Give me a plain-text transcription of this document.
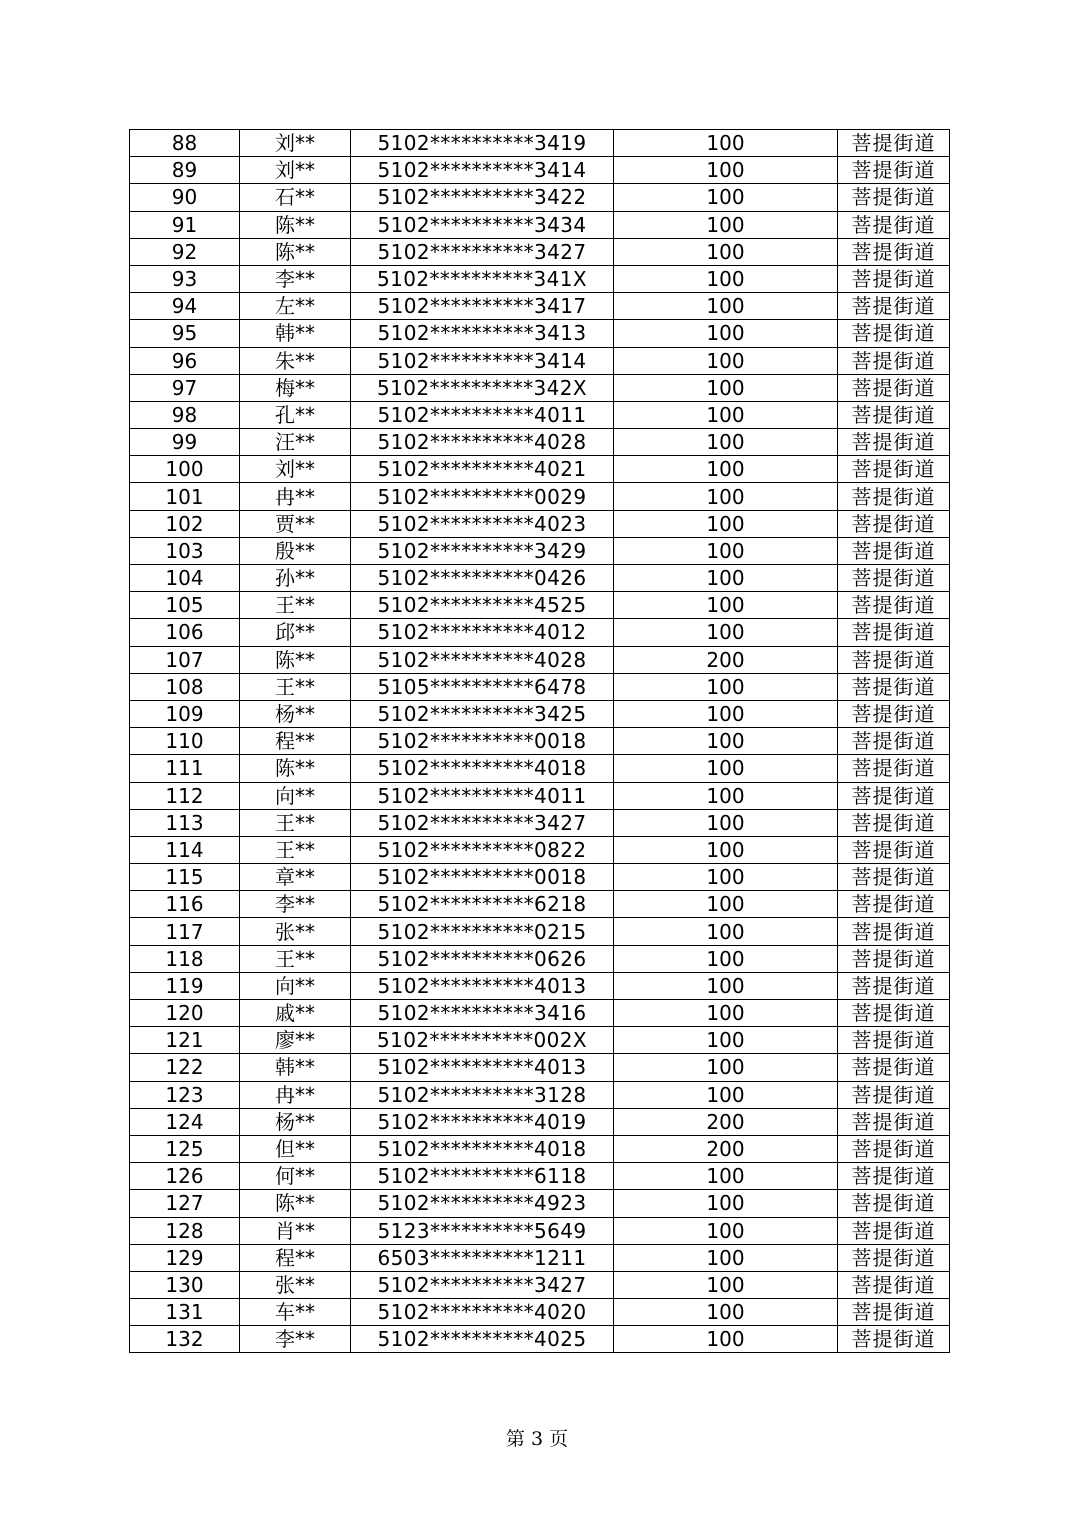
88	刘**	5102**********3419	100	菩提街道
89	刘**	5102**********3414	100	菩提街道
90	石**	5102**********3422	100	菩提街道
91	陈**	5102**********3434	100	菩提街道
92	陈**	5102**********3427	100	菩提街道
93	李**	5102**********341X	100	菩提街道
94	左**	5102**********3417	100	菩提街道
95	韩**	5102**********3413	100	菩提街道
96	朱**	5102**********3414	100	菩提街道
97	梅**	5102**********342X	100	菩提街道
98	孔**	5102**********4011	100	菩提街道
99	汪**	5102**********4028	100	菩提街道
100	刘**	5102**********4021	100	菩提街道
101	冉**	5102**********0029	100	菩提街道
102	贾**	5102**********4023	100	菩提街道
103	殷**	5102**********3429	100	菩提街道
104	孙**	5102**********0426	100	菩提街道
105	王**	5102**********4525	100	菩提街道
106	邱**	5102**********4012	100	菩提街道
107	陈**	5102**********4028	200	菩提街道
108	王**	5105**********6478	100	菩提街道
109	杨**	5102**********3425	100	菩提街道
110	程**	5102**********0018	100	菩提街道
111	陈**	5102**********4018	100	菩提街道
112	向**	5102**********4011	100	菩提街道
113	王**	5102**********3427	100	菩提街道
114	王**	5102**********0822	100	菩提街道
115	章**	5102**********0018	100	菩提街道
116	李**	5102**********6218	100	菩提街道
117	张**	5102**********0215	100	菩提街道
118	王**	5102**********0626	100	菩提街道
119	向**	5102**********4013	100	菩提街道
120	戚**	5102**********3416	100	菩提街道
121	廖**	5102**********002X	100	菩提街道
122	韩**	5102**********4013	100	菩提街道
123	冉**	5102**********3128	100	菩提街道
124	杨**	5102**********4019	200	菩提街道
125	但**	5102**********4018	200	菩提街道
126	何**	5102**********6118	100	菩提街道
127	陈**	5102**********4923	100	菩提街道
128	肖**	5123**********5649	100	菩提街道
129	程**	6503**********1211	100	菩提街道
130	张**	5102**********3427	100	菩提街道
131	车**	5102**********4020	100	菩提街道
132	李**	5102**********4025	100	菩提街道
第 3 页
